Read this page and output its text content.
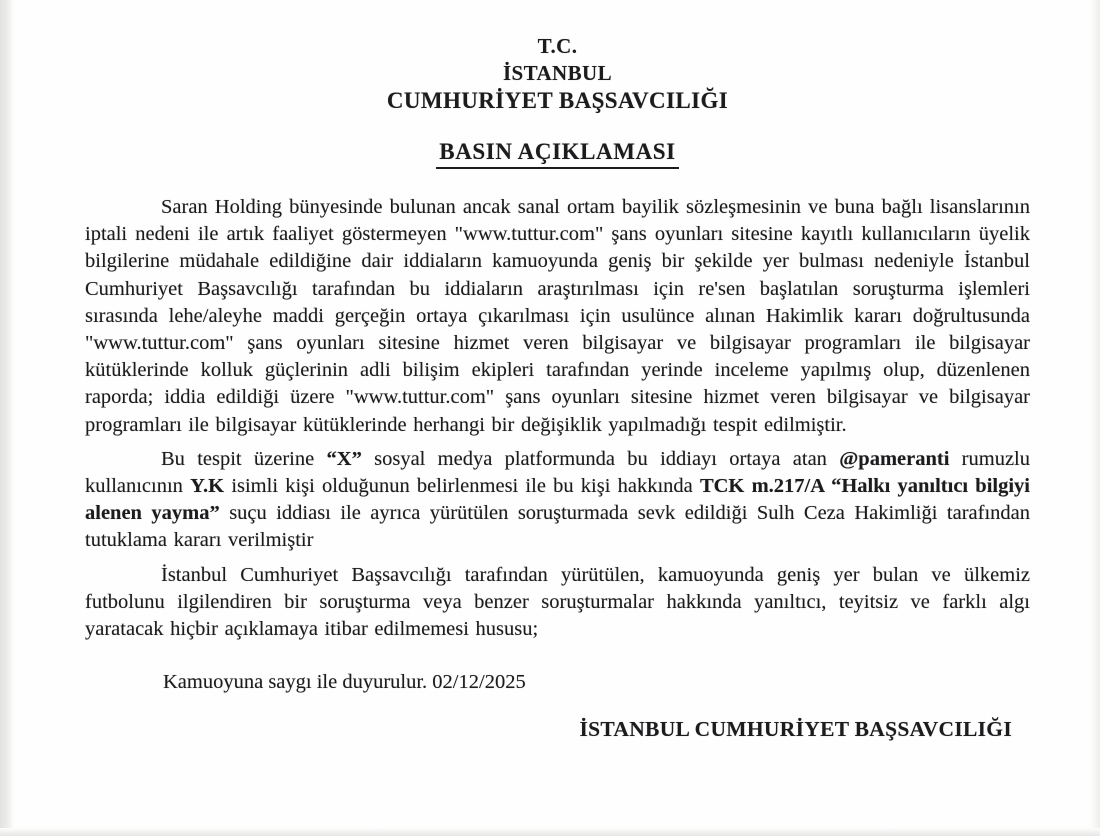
T.C.
İSTANBUL
CUMHURİYET BAŞSAVCILIĞI
BASIN AÇIKLAMASI

Saran Holding bünyesinde bulunan ancak sanal ortam bayilik sözleşmesinin ve buna bağlı lisanslarının iptali nedeni ile artık faaliyet göstermeyen "www.tuttur.com" şans oyunları sitesine kayıtlı kullanıcıların üyelik bilgilerine müdahale edildiğine dair iddiaların kamuoyunda geniş bir şekilde yer bulması nedeniyle İstanbul Cumhuriyet Başsavcılığı tarafından bu iddiaların araştırılması için re'sen başlatılan soruşturma işlemleri sırasında lehe/aleyhe maddi gerçeğin ortaya çıkarılması için usulünce alınan Hakimlik kararı doğrultusunda "www.tuttur.com" şans oyunları sitesine hizmet veren bilgisayar ve bilgisayar programları ile bilgisayar kütüklerinde kolluk güçlerinin adli bilişim ekipleri tarafından yerinde inceleme yapılmış olup, düzenlenen raporda; iddia edildiği üzere "www.tuttur.com" şans oyunları sitesine hizmet veren bilgisayar ve bilgisayar programları ile bilgisayar kütüklerinde herhangi bir değişiklik yapılmadığı tespit edilmiştir.

Bu tespit üzerine “X” sosyal medya platformunda bu iddiayı ortaya atan @pameranti rumuzlu kullanıcının Y.K isimli kişi olduğunun belirlenmesi ile bu kişi hakkında TCK m.217/A “Halkı yanıltıcı bilgiyi alenen yayma” suçu iddiası ile ayrıca yürütülen soruşturmada sevk edildiği Sulh Ceza Hakimliği tarafından tutuklama kararı verilmiştir

İstanbul Cumhuriyet Başsavcılığı tarafından yürütülen, kamuoyunda geniş yer bulan ve ülkemiz futbolunu ilgilendiren bir soruşturma veya benzer soruşturmalar hakkında yanıltıcı, teyitsiz ve farklı algı yaratacak hiçbir açıklamaya itibar edilmemesi hususu;

Kamuoyuna saygı ile duyurulur. 02/12/2025
İSTANBUL CUMHURİYET BAŞSAVCILIĞI
